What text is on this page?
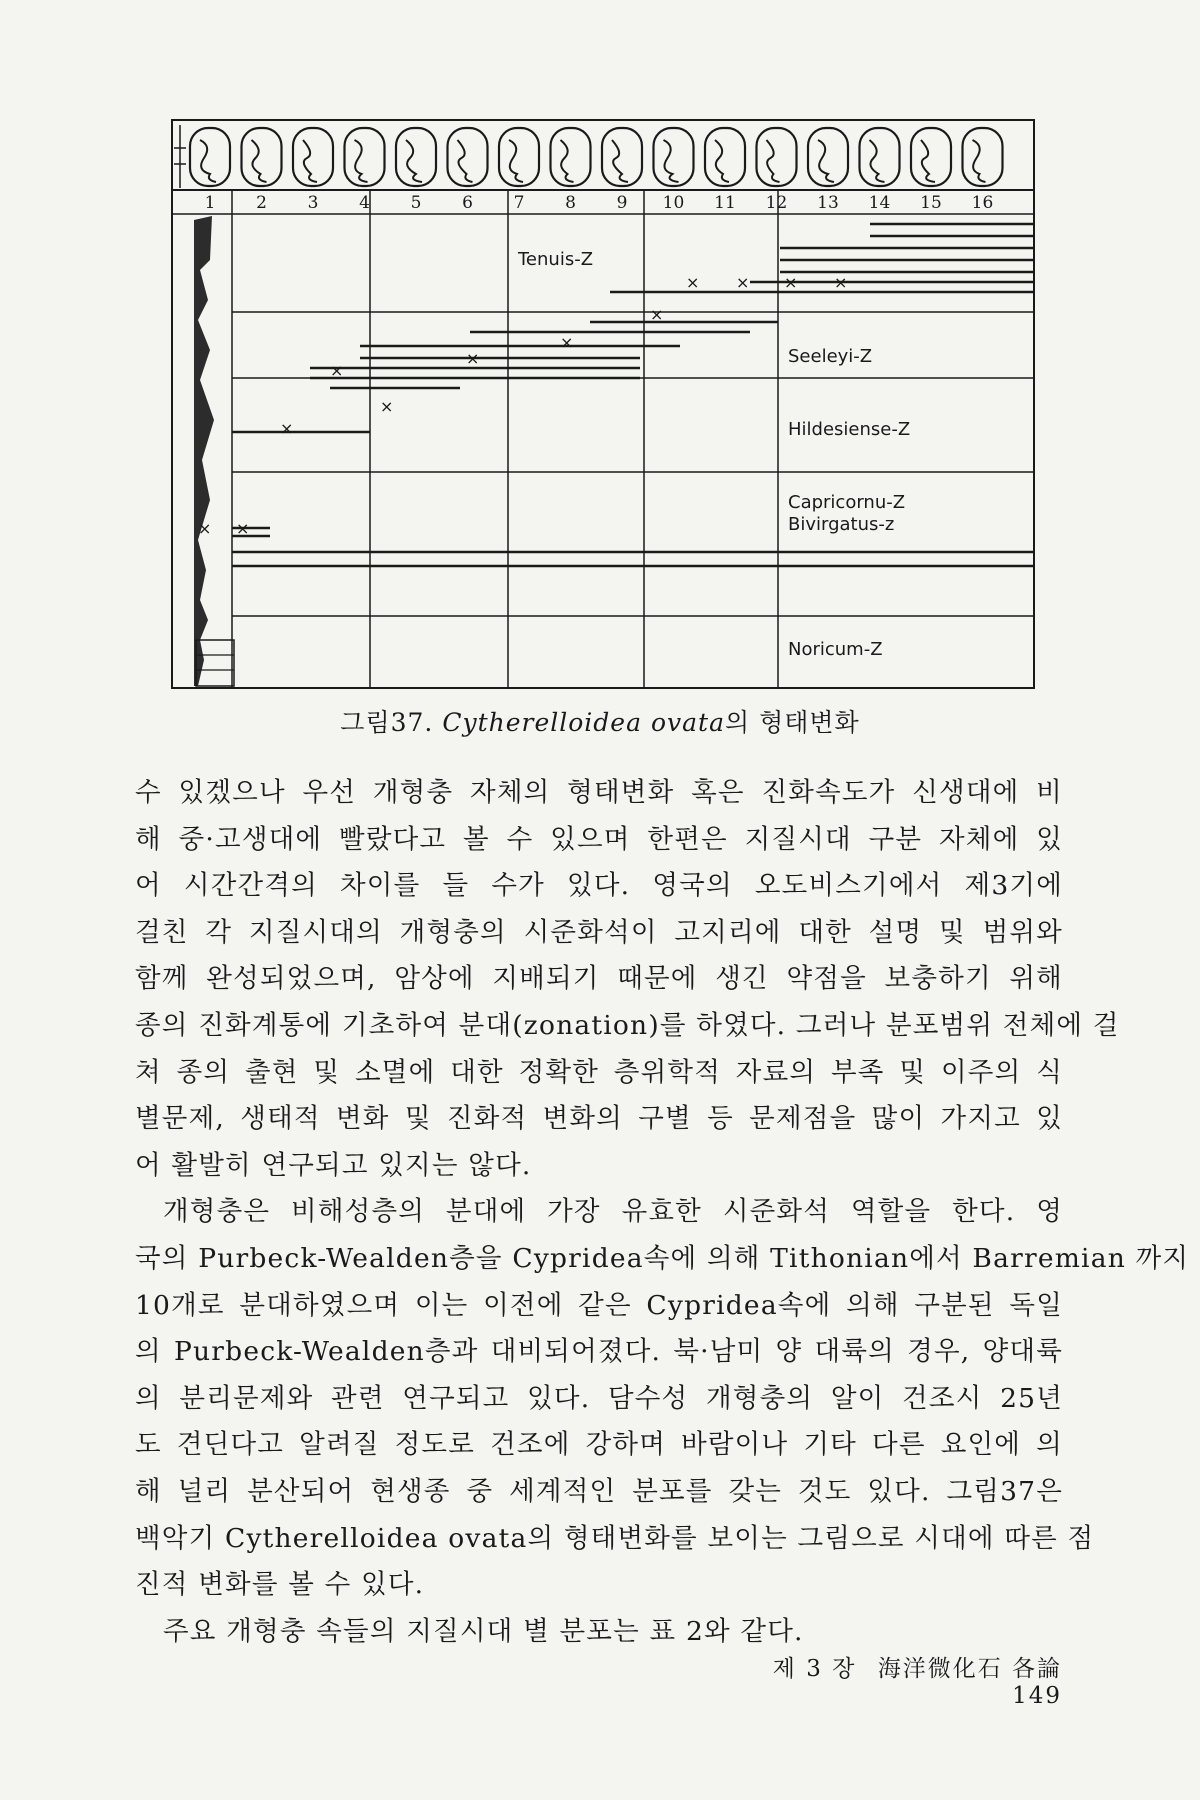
× × × ×
×
×
×
×
×
×
× ×
1 2 3 4 5 6 7 8 9 10 11 12 13 14 15 16
Tenuis-Z
Seeleyi-Z
Hildesiense-Z
Capricornu-Z
Bivirgatus-z
Noricum-Z
그림37. Cytherelloidea ovata의 형태변화
수 있겠으나 우선 개형충 자체의 형태변화 혹은 진화속도가 신생대에 비
해 중·고생대에 빨랐다고 볼 수 있으며 한편은 지질시대 구분 자체에 있
어 시간간격의 차이를 들 수가 있다. 영국의 오도비스기에서 제3기에
걸친 각 지질시대의 개형충의 시준화석이 고지리에 대한 설명 및 범위와
함께 완성되었으며, 암상에 지배되기 때문에 생긴 약점을 보충하기 위해
종의 진화계통에 기초하여 분대(zonation)를 하였다. 그러나 분포범위 전체에 걸
쳐 종의 출현 및 소멸에 대한 정확한 층위학적 자료의 부족 및 이주의 식
별문제, 생태적 변화 및 진화적 변화의 구별 등 문제점을 많이 가지고 있
어 활발히 연구되고 있지는 않다.
개형충은 비해성층의 분대에 가장 유효한 시준화석 역할을 한다. 영
국의 Purbeck-Wealden층을 Cypridea속에 의해 Tithonian에서 Barremian 까지
10개로 분대하였으며 이는 이전에 같은 Cypridea속에 의해 구분된 독일
의 Purbeck-Wealden층과 대비되어졌다. 북·남미 양 대륙의 경우, 양대륙
의 분리문제와 관련 연구되고 있다. 담수성 개형충의 알이 건조시 25년
도 견딘다고 알려질 정도로 건조에 강하며 바람이나 기타 다른 요인에 의
해 널리 분산되어 현생종 중 세계적인 분포를 갖는 것도 있다. 그림37은
백악기 Cytherelloidea ovata의 형태변화를 보이는 그림으로 시대에 따른 점
진적 변화를 볼 수 있다.
주요 개형충 속들의 지질시대 별 분포는 표 2와 같다.
제 3 장 海洋微化石 各論 149
